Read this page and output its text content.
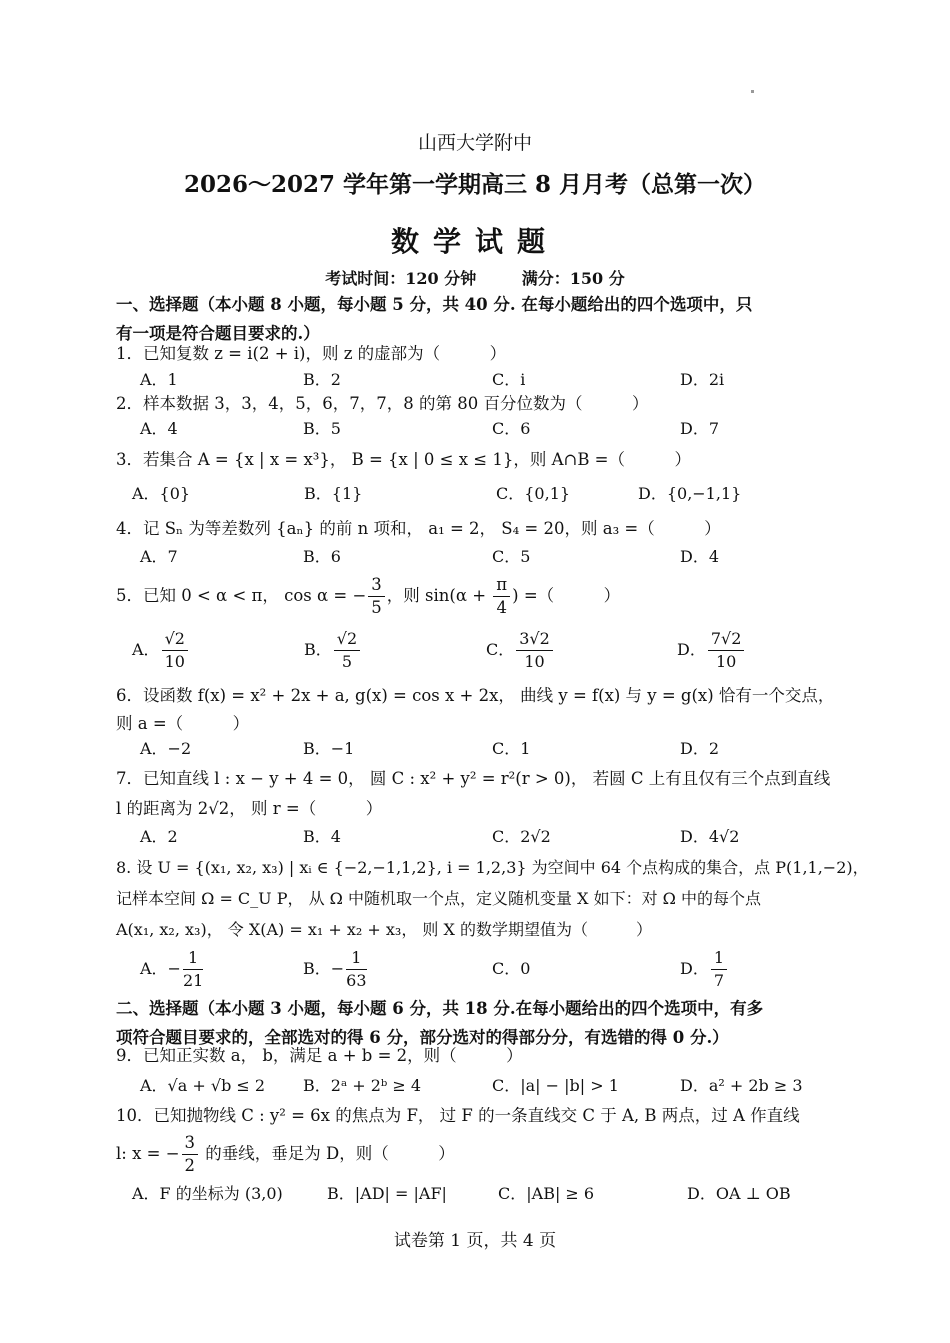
山西大学附中
2026～2027 学年第一学期高三 8 月月考（总第一次）
数学试题
考试时间：120 分钟	满分：150 分
一、选择题（本小题 8 小题，每小题 5 分，共 40 分. 在每小题给出的四个选项中，只
有一项是符合题目要求的.）
1．已知复数 z = i(2 + i)，则 z 的虚部为（　　　）
A．1	B．2	C．i	D．2i
2．样本数据 3，3，4，5，6，7，7，8 的第 80 百分位数为（　　　）
A．4	B．5	C．6	D．7
3．若集合 A = {x | x = x³}， B = {x | 0 ≤ x ≤ 1}，则 A∩B =（　　　）
A．{0}	B．{1}	C．{0,1}	D．{0,−1,1}
4．记 Sₙ 为等差数列 {aₙ} 的前 n 项和， a₁ = 2， S₄ = 20，则 a₃ =（　　　）
A．7	B．6	C．5	D．4
5．已知 0 < α < π， cos α = − $\frac{3}{5}$ ，则 $\sin(\alpha + \frac{\pi}{4}$ ) =（　　　）
A． $\frac{√2}{10}$	B． $\frac{√2}{5}$	C． $\frac{3√2}{10}$	D． $\frac{7√2}{10}$
6．设函数 f(x) = x² + 2x + a, g(x) = cos x + 2x， 曲线 y = f(x) 与 y = g(x) 恰有一个交点，
则 a =（　　　）
A．−2	B．−1	C．1	D．2
7．已知直线 l : x − y + 4 = 0， 圆 C : x² + y² = r²(r > 0)， 若圆 C 上有且仅有三个点到直线
l 的距离为 2√2， 则 r =（　　　）
A．2	B．4	C．2√2	D．4√2
8. 设 U = {(x₁, x₂, x₃) | xᵢ ∈ {−2,−1,1,2}, i = 1,2,3} 为空间中 64 个点构成的集合，点 P(1,1,−2)，
记样本空间 Ω = C_U P， 从 Ω 中随机取一个点，定义随机变量 X 如下：对 Ω 中的每个点
A(x₁, x₂, x₃)， 令 X(A) = x₁ + x₂ + x₃， 则 X 的数学期望值为（　　　）
A．− $\frac{1}{21}$	B．− $\frac{1}{63}$	C．0	D． $\frac{1}{7}$
二、选择题（本小题 3 小题，每小题 6 分，共 18 分.在每小题给出的四个选项中，有多
项符合题目要求的，全部选对的得 6 分，部分选对的得部分分，有选错的得 0 分.）
9．已知正实数 a， b，满足 a + b = 2，则（　　　）
A．√a + √b ≤ 2 B．2ᵃ + 2ᵇ ≥ 4	C．|a| − |b| > 1	D．a² + 2b ≥ 3
10．已知抛物线 C : y² = 6x 的焦点为 F， 过 F 的一条直线交 C 于 A, B 两点，过 A 作直线
l: x = − $\frac{3}{2}$ 的垂线，垂足为 D，则（　　　）
A．F 的坐标为 (3,0)	B．|AD| = |AF|	C．|AB| ≥ 6	D．OA ⊥ OB
试卷第 1 页，共 4 页
